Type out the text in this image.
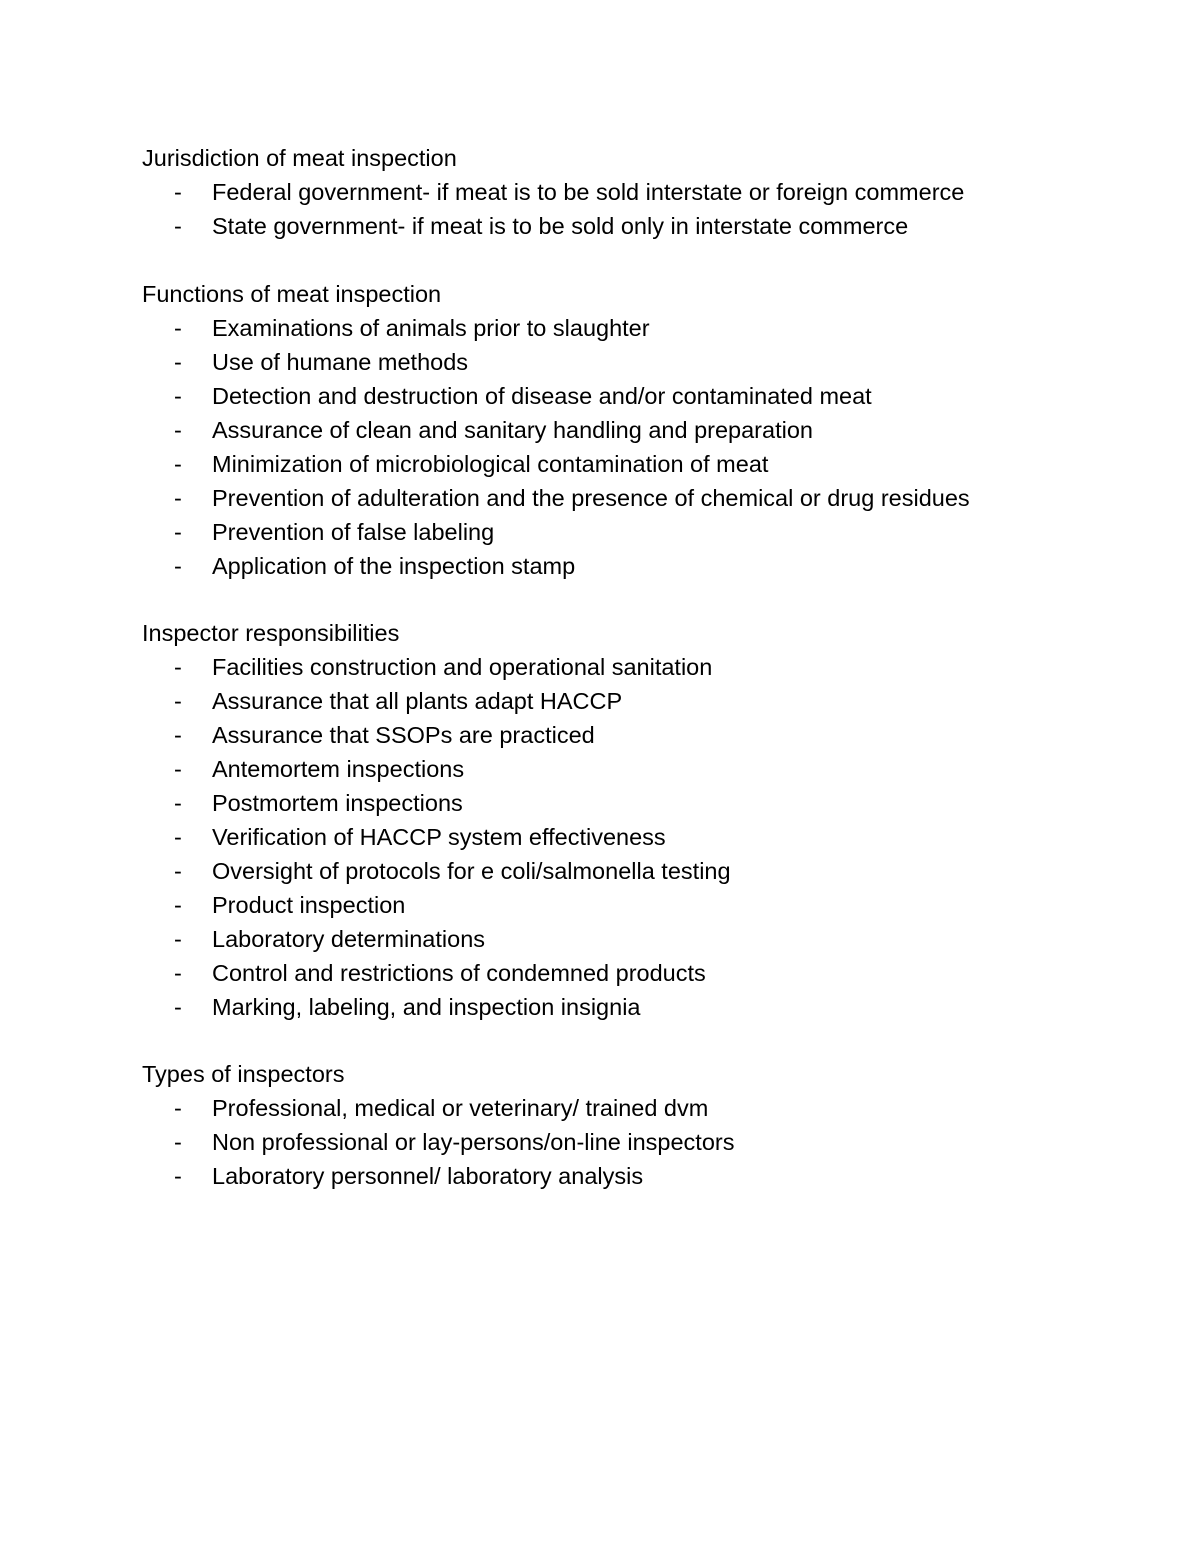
Jurisdiction of meat inspection
- Federal government- if meat is to be sold interstate or foreign commerce
- State government- if meat is to be sold only in interstate commerce
Functions of meat inspection
- Examinations of animals prior to slaughter
- Use of humane methods
- Detection and destruction of disease and/or contaminated meat
- Assurance of clean and sanitary handling and preparation
- Minimization of microbiological contamination of meat
- Prevention of adulteration and the presence of chemical or drug residues
- Prevention of false labeling
- Application of the inspection stamp
Inspector responsibilities
- Facilities construction and operational sanitation
- Assurance that all plants adapt HACCP
- Assurance that SSOPs are practiced
- Antemortem inspections
- Postmortem inspections
- Verification of HACCP system effectiveness
- Oversight of protocols for e coli/salmonella testing
- Product inspection
- Laboratory determinations
- Control and restrictions of condemned products
- Marking, labeling, and inspection insignia
Types of inspectors
- Professional, medical or veterinary/ trained dvm
- Non professional or lay-persons/on-line inspectors
- Laboratory personnel/ laboratory analysis
